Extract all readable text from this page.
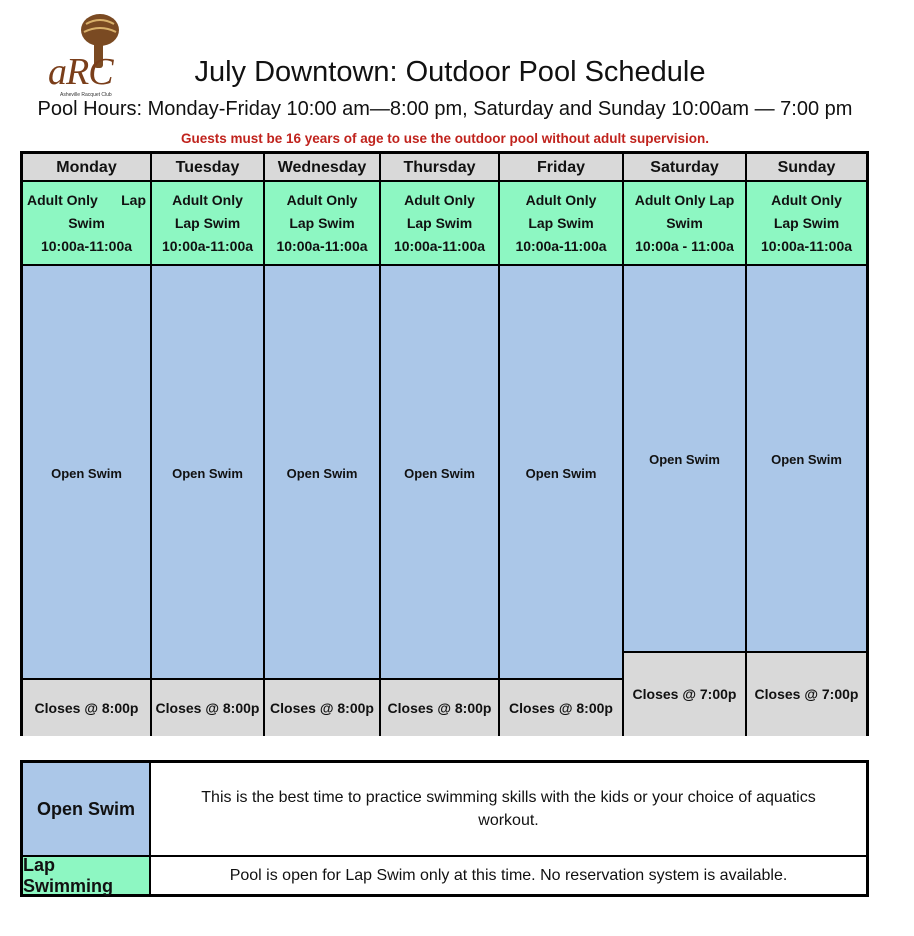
aRC
Asheville Racquet Club
July Downtown: Outdoor Pool Schedule
Pool Hours: Monday-Friday 10:00 am—8:00 pm, Saturday and Sunday 10:00am — 7:00 pm
Guests must be 16 years of age to use the outdoor pool without adult supervision.
Monday
Adult Only      Lap
Swim
10:00a-11:00a
Open Swim
Closes @ 8:00p
Tuesday
Adult Only
Lap Swim
10:00a-11:00a
Open Swim
Closes @ 8:00p
Wednesday
Adult Only
Lap Swim
10:00a-11:00a
Open Swim
Closes @ 8:00p
Thursday
Adult Only
Lap Swim
10:00a-11:00a
Open Swim
Closes @ 8:00p
Friday
Adult Only
Lap Swim
10:00a-11:00a
Open Swim
Closes @ 8:00p
Saturday
Adult Only Lap
Swim
10:00a - 11:00a
Open Swim
Closes @ 7:00p
Sunday
Adult Only
Lap Swim
10:00a-11:00a
Open Swim
Closes @ 7:00p
Open Swim
This is the best time to practice swimming skills with the kids or your choice of aquatics workout.
Lap Swimming	Pool is open for Lap Swim only at this time. No reservation system is available.
